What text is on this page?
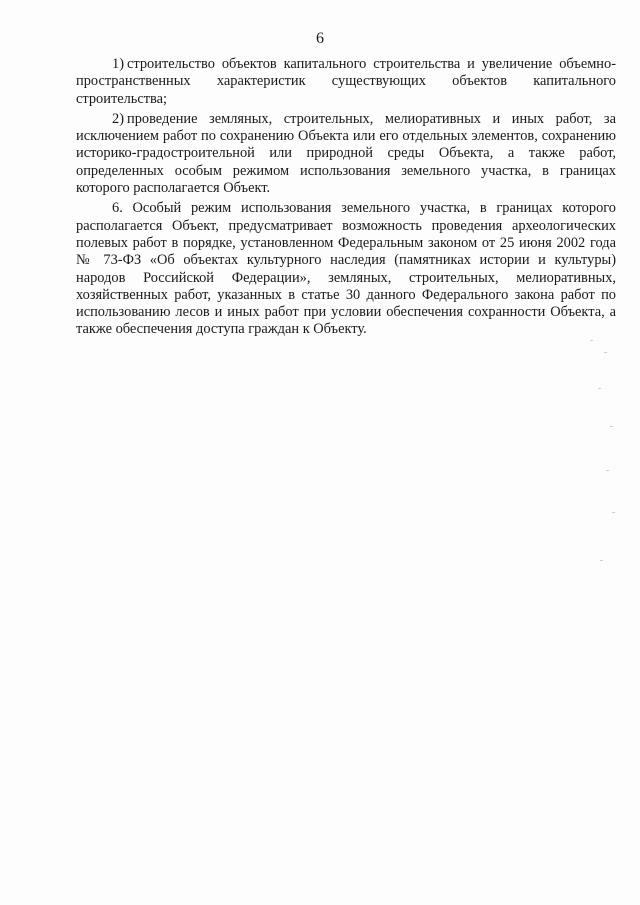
6

1) строительство объектов капитального строительства и увеличение объемно-пространственных характеристик существующих объектов капитального строительства;

2) проведение земляных, строительных, мелиоративных и иных работ, за исключением работ по сохранению Объекта или его отдельных элементов, сохранению историко-градостроительной или природной среды Объекта, а также работ, определенных особым режимом использования земельного участка, в границах которого располагается Объект.

6. Особый режим использования земельного участка, в границах которого располагается Объект, предусматривает возможность проведения археологических полевых работ в порядке, установленном Федеральным законом от 25 июня 2002 года № 73-ФЗ «Об объектах культурного наследия (памятниках истории и культуры) народов Российской Федерации», земляных, строительных, мелиоративных, хозяйственных работ, указанных в статье 30 данного Федерального закона работ по использованию лесов и иных работ при условии обеспечения сохранности Объекта, а также обеспечения доступа граждан к Объекту.
